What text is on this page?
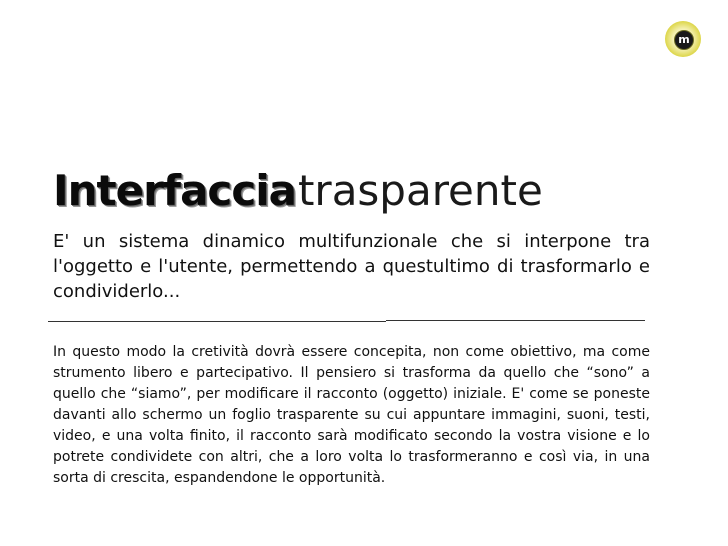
m
Interfacciatrasparente
E' un sistema dinamico multifunzionale che si interpone tra l'oggetto e l'utente, permettendo a questultimo di trasformarlo e condividerlo...
In questo modo la cretività dovrà essere concepita, non come obiettivo, ma come strumento libero e partecipativo. Il pensiero si trasforma da quello che “sono” a quello che “siamo”, per modificare il racconto (oggetto) iniziale. E' come se poneste davanti allo schermo un foglio trasparente su cui appuntare immagini, suoni, testi, video, e una volta finito, il racconto sarà modificato secondo la vostra visione e lo potrete condividete con altri, che a loro volta lo trasformeranno e così via, in una sorta di crescita, espandendone le opportunità.
